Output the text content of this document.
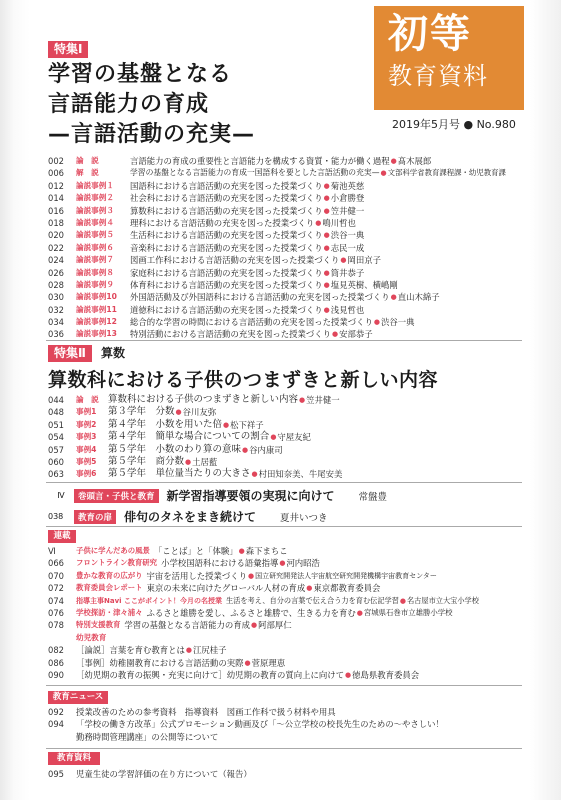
初等
教育資料
2019年5月号 ● No.980
特集Ⅰ
学習の基盤となる
言語能力の育成
—言語活動の充実—
002	論　説	言語能力の育成の重要性と言語能力を構成する資質・能力が働く過程 ● 髙木展郎
006	解　説	学習の基盤となる言語能力の育成一国語科を要とした言語活動の充実— ● 文部科学省教育課程課・幼児教育課
012	論説事例１	国語科における言語活動の充実を図った授業づくり ● 菊池英慈
014	論説事例２	社会科における言語活動の充実を図った授業づくり ● 小倉勝登
016	論説事例３	算数科における言語活動の充実を図った授業づくり ● 笠井健一
018	論説事例４	理科における言語活動の充実を図った授業づくり ● 鳴川哲也
020	論説事例５	生活科における言語活動の充実を図った授業づくり ● 渋谷一典
022	論説事例６	音楽科における言語活動の充実を図った授業づくり ● 志民一成
024	論説事例７	図画工作科における言語活動の充実を図った授業づくり ● 岡田京子
026	論説事例８	家庭科における言語活動の充実を図った授業づくり ● 筒井恭子
028	論説事例９	体育科における言語活動の充実を図った授業づくり ● 塩見英樹、横嶋剛
030	論説事例10	外国語活動及び外国語科における言語活動の充実を図った授業づくり ● 直山木綿子
032	論説事例11	道徳科における言語活動の充実を図った授業づくり ● 浅見哲也
034	論説事例12	総合的な学習の時間における言語活動の充実を図った授業づくり ● 渋谷一典
036	論説事例13	特別活動における言語活動の充実を図った授業づくり ● 安部恭子
特集Ⅱ 算数
算数科における子供のつまずきと新しい内容
044	論　説 算数科における子供のつまずきと新しい内容 ● 笠井健一
048	事例1	第３学年　分数 ● 谷川友弥
051	事例2	第４学年　小数を用いた倍 ● 松下祥子
054	事例3	第４学年　簡単な場合についての割合 ● 守屋友紀
057	事例4	第５学年　小数のわり算の意味 ● 谷内康司
060	事例5	第５学年　商分数 ● 土居藍
063	事例6	第５学年　単位量当たりの大きさ ● 村田知奈美、牛尾安美
Ⅳ	巻頭言・子供と教育	新学習指導要領の実現に向けて	常盤豊
038	教育の扉	俳句のタネをまき続けて	夏井いつき
連載
Ⅵ	子供に学んだあの風景 「ことば」と「体験」 ● 森下まちこ
066	フロントライン教育研究 小学校国語科における語彙指導 ● 河内昭浩
070	豊かな教育の広がり 宇宙を活用した授業づくり ● 国立研究開発法人宇宙航空研究開発機構宇宙教育センター
072	教育委員会レポート 東京の未来に向けたグローバル人材の育成 ● 東京都教育委員会
074	指導主事Navi ここがポイント！今月の名授業 生活を考え、自分の言葉で伝え合う力を育む伝記学習 ● 名古屋市立大宝小学校
076	学校探訪・津々浦々 ふるさと雄勝を愛し、ふるさと雄勝で、生きる力を育む ● 宮城県石巻市立雄勝小学校
078	特別支援教育 学習の基盤となる言語能力の育成 ● 阿部厚仁
幼児教育
082	［論説］言葉を育む教育とは ● 江尻桂子
086	［事例］幼稚園教育における言語活動の実際 ● 菅原理恵
090	［幼児期の教育の振興・充実に向けて］幼児期の教育の質向上に向けて ● 徳島県教育委員会
教育ニュース
092	授業改善のための参考資料　指導資料　図画工作科で扱う材料や用具
094	「学校の働き方改革」公式プロモーション動画及び「～公立学校の校長先生のための～やさしい！
勤務時間管理講座」の公開等について
教育資料
095	児童生徒の学習評価の在り方について（報告）
